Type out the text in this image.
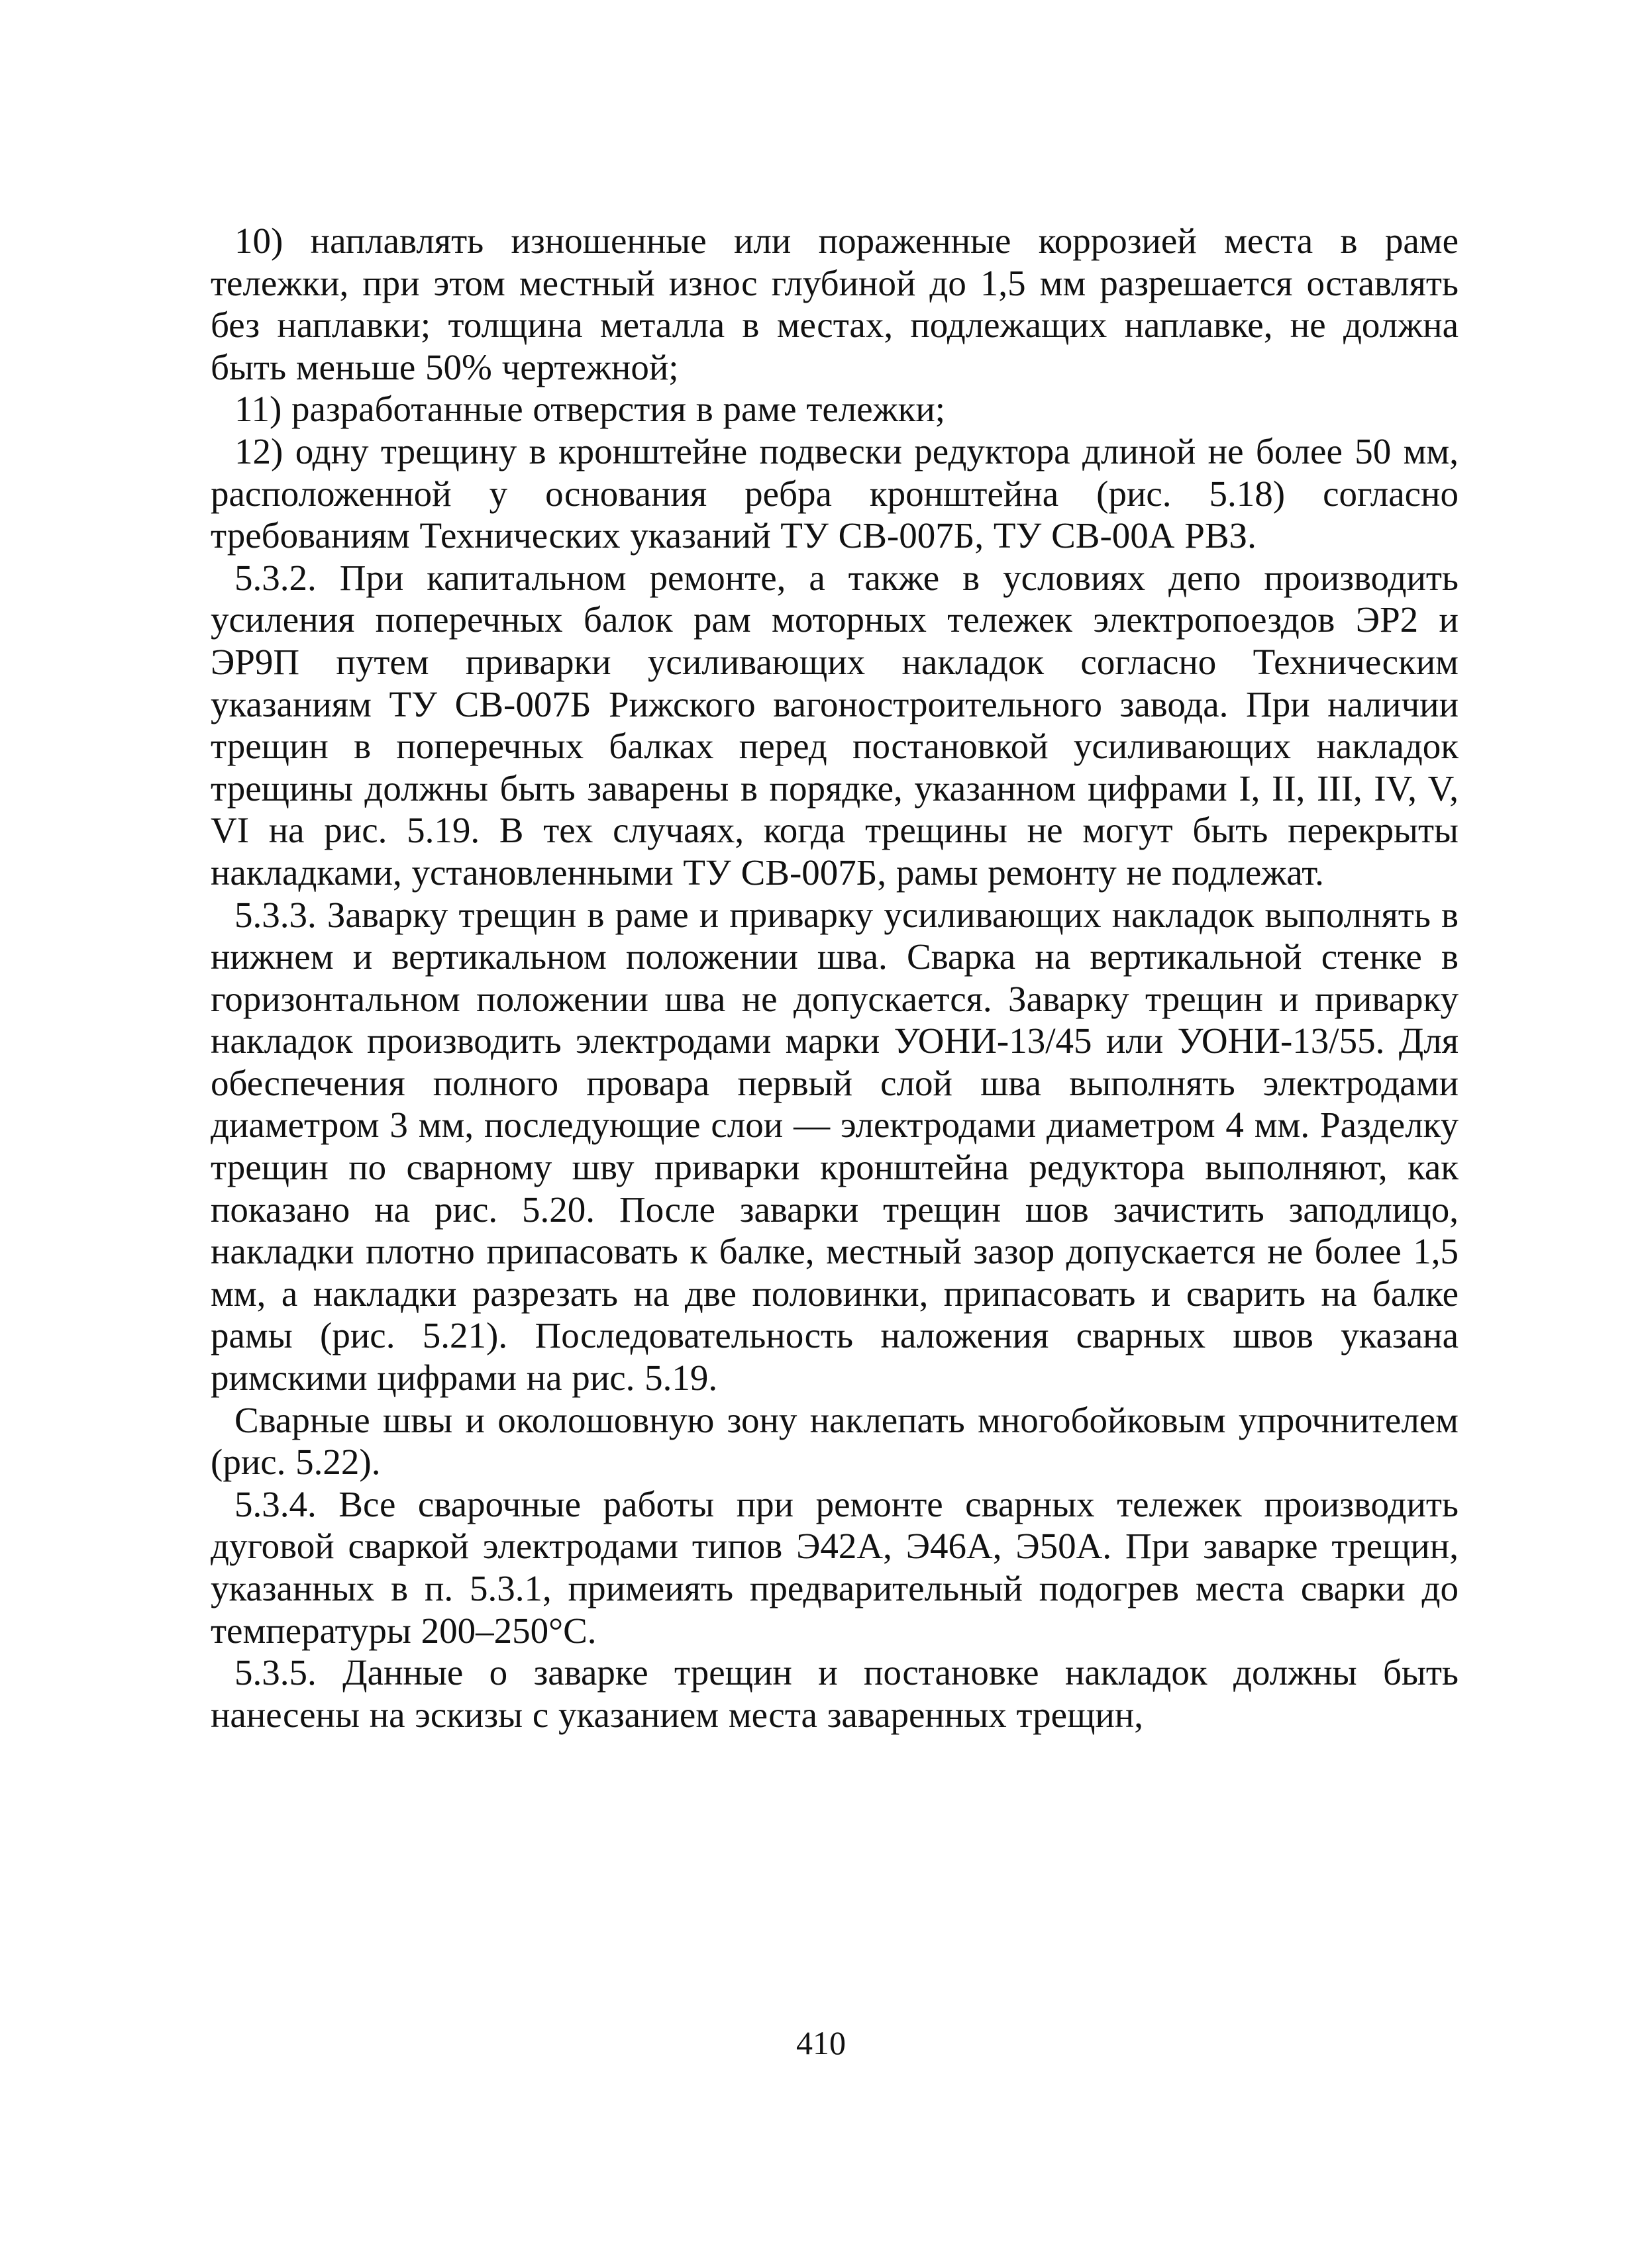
10) наплавлять изношенные или пораженные коррозией места в раме тележки, при этом местный износ глубиной до 1,5 мм разрешается оставлять без наплавки; толщина металла в местах, подлежащих наплавке, не должна быть меньше 50% чертежной;

11) разработанные отверстия в раме тележки;

12) одну трещину в кронштейне подвески редуктора длиной не более 50 мм, расположенной у основания ребра кронштейна (рис. 5.18) согласно требованиям Технических указаний ТУ СВ-007Б, ТУ СВ-00А РВЗ.

5.3.2. При капитальном ремонте, а также в условиях депо производить усиления поперечных балок рам моторных тележек электропоездов ЭР2 и ЭР9П путем приварки усиливающих накладок согласно Техническим указаниям ТУ СВ-007Б Рижского вагоностроительного завода. При наличии трещин в поперечных балках перед постановкой усиливающих накладок трещины должны быть заварены в порядке, указанном цифрами I, II, III, IV, V, VI на рис. 5.19. В тех случаях, когда трещины не могут быть перекрыты накладками, установленными ТУ СВ-007Б, рамы ремонту не подлежат.

5.3.3. Заварку трещин в раме и приварку усиливающих накладок выполнять в нижнем и вертикальном положении шва. Сварка на вертикальной стенке в горизонтальном положении шва не допускается. Заварку трещин и приварку накладок производить электродами марки УОНИ-13/45 или УОНИ-13/55. Для обеспечения полного провара первый слой шва выполнять электродами диаметром 3 мм, последующие слои — электродами диаметром 4 мм. Разделку трещин по сварному шву приварки кронштейна редуктора выполняют, как показано на рис. 5.20. После заварки трещин шов зачистить заподлицо, накладки плотно припасовать к балке, местный зазор допускается не более 1,5 мм, а накладки разрезать на две половинки, припасовать и сварить на балке рамы (рис. 5.21). Последовательность наложения сварных швов указана римскими цифрами на рис. 5.19.

Сварные швы и околошовную зону наклепать многобойковым упрочнителем (рис. 5.22).

5.3.4. Все сварочные работы при ремонте сварных тележек производить дуговой сваркой электродами типов Э42А, Э46А, Э50А. При заварке трещин, указанных в п. 5.3.1, примеиять предварительный подогрев места сварки до температуры 200–250°С.

5.3.5. Данные о заварке трещин и постановке накладок должны быть нанесены на эскизы с указанием места заваренных трещин,

410
